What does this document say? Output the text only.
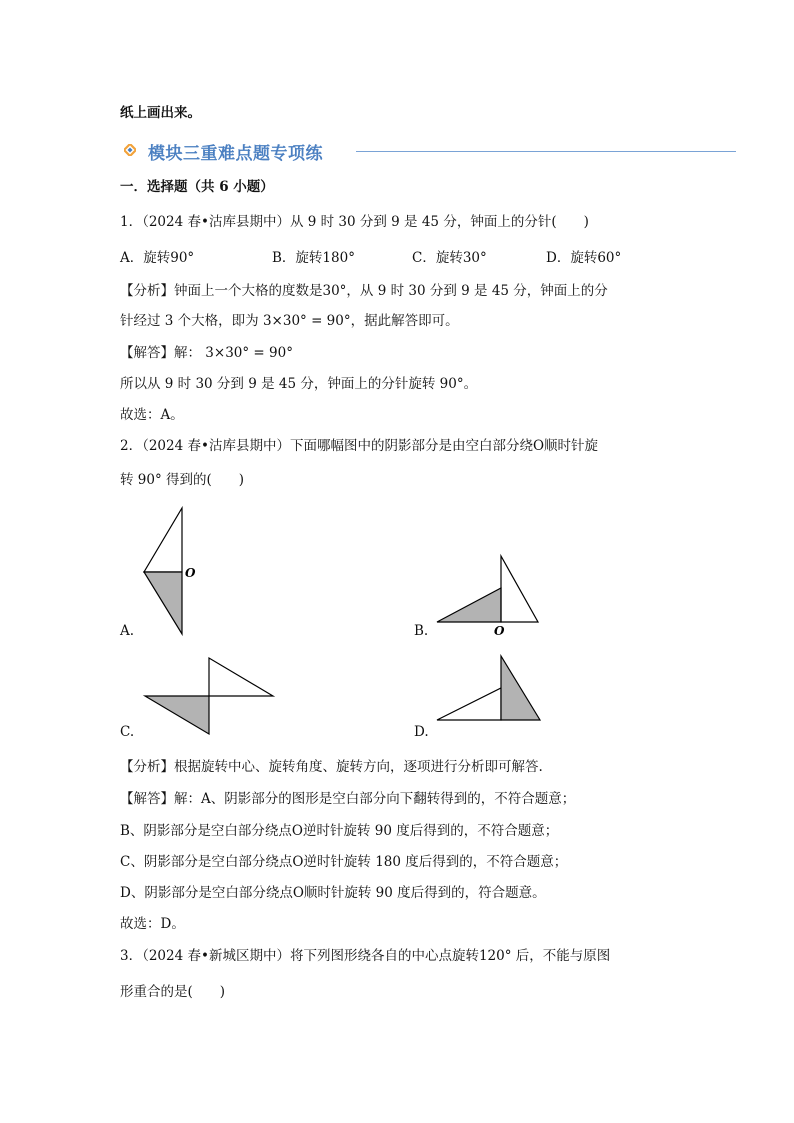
纸上画出来。
模块三重难点题专项练
一．选择题（共 6 小题）
1．（2024 春•沽库县期中）从 9 时 30 分到 9 是 45 分，钟面上的分针(　　)
A．旋转90°	B．旋转180°	C．旋转30°	D．旋转60°
【分析】钟面上一个大格的度数是30°，从 9 时 30 分到 9 是 45 分，钟面上的分
针经过 3 个大格，即为 3×30° = 90°，据此解答即可。
【解答】解： 3×30° = 90°
所以从 9 时 30 分到 9 是 45 分，钟面上的分针旋转 90°。
故选：A。
2．（2024 春•沽库县期中）下面哪幅图中的阴影部分是由空白部分绕O顺时针旋
转 90° 得到的(　　)
O
A.	O
B.
C.	D.
【分析】根据旋转中心、旋转角度、旋转方向，逐项进行分析即可解答.
【解答】解：A、阴影部分的图形是空白部分向下翻转得到的，不符合题意；
B、阴影部分是空白部分绕点O逆时针旋转 90 度后得到的，不符合题意；
C、阴影部分是空白部分绕点O逆时针旋转 180 度后得到的，不符合题意；
D、阴影部分是空白部分绕点O顺时针旋转 90 度后得到的，符合题意。
故选：D。
3．（2024 春•新城区期中）将下列图形绕各自的中心点旋转120° 后，不能与原图
形重合的是(　　)
